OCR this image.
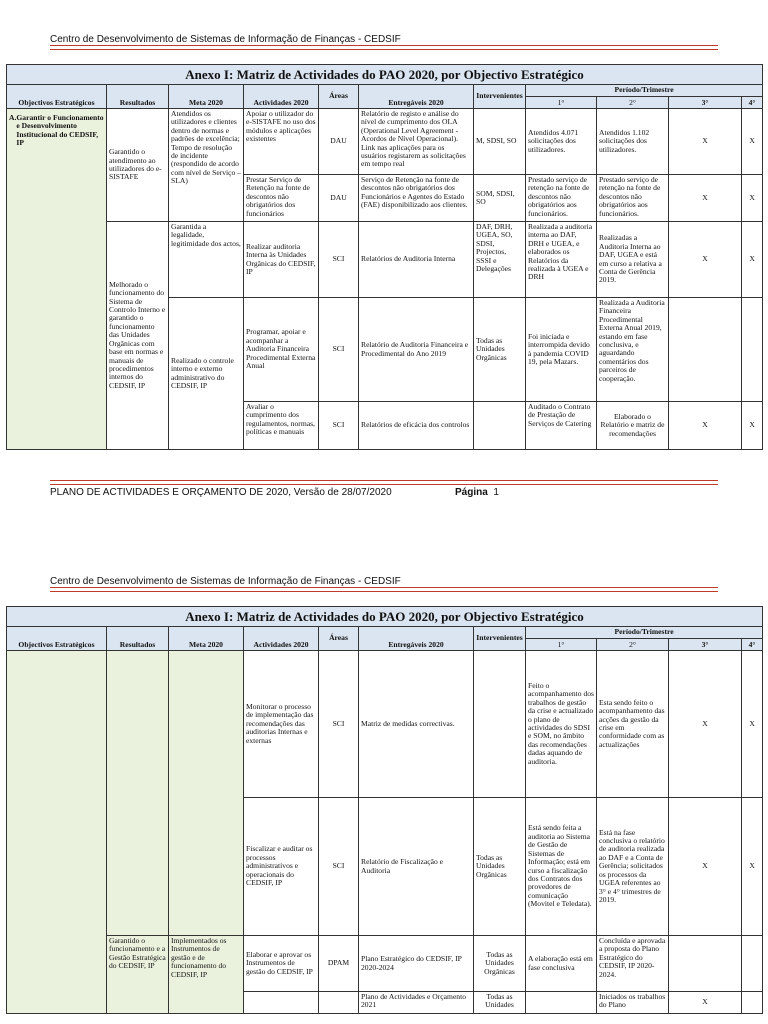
Centro de Desenvolvimento de Sistemas de Informação de Finanças - CEDSIF
Anexo I: Matriz de Actividades do PAO 2020, por Objectivo Estratégico										
Objectivos Estratégicos	Resultados	Meta 2020	Actividades 2020	Áreas	Entregáveis 2020	Intervenientes	Período/Trimestre			
							1°	2°	3°	4°

A. Garantir o Funcionamento e Desenvolvimento Institucional do CEDSIF, IP	Garantido o atendimento ao utilizadores do e-SISTAFE	Atendidos os utilizadores e clientes dentro de normas e padrões de excelência; Tempo de resolução de incidente (respondido de acordo com nível de Serviço – SLA)	Apoiar o utilizador do e-SISTAFE no uso dos módulos e aplicações existentes	DAU	Relatório de registo e análise do nível de cumprimento dos OLA (Operational Level Agreement - Acordos de Nível Operacional). Link nas aplicações para os usuários registarem as solicitações em tempo real	M, SDSI, SO	Atendidos 4.071 solicitações dos utilizadores.	Atendidos 1.102 solicitações dos utilizadores.	X	X
			Prestar Serviço de Retenção na fonte de descontos não obrigatórios dos funcionários	DAU	Serviço de Retenção na fonte de descontos não obrigatórios dos Funcionários e Agentes do Estado (FAE) disponibilizado aos clientes.	SOM, SDSI, SO	Prestado serviço de retenção na fonte de descontos não obrigatórios aos funcionários.	Prestado serviço de retenção na fonte de descontos não obrigatórios aos funcionários.	X	X
	Melhorado o funcionamento do Sistema de Controlo Interno e garantido o funcionamento das Unidades Orgânicas com base em normas e manuais de procedimentos internos do CEDSIF, IP	Garantida a legalidade, legitimidade dos actos,	Realizar auditoria Interna às Unidades Orgânicas do CEDSIF, IP	SCI	Relatórios de Auditoria Interna	DAF, DRH, UGEA, SO, SDSI, Projectos, SSSI e Delegações	Realizada a auditoria interna ao DAF, DRH e UGEA, e elaborados os Relatórios da realizada à UGEA e DRH	Realizadas a Auditoria Interna ao DAF, UGEA e está em curso a relativa a Conta de Gerência 2019.	X	X
		Realizado o controle interno e externo administrativo do CEDSIF, IP	Programar, apoiar e acompanhar a Auditoria Financeira Procedimental Externa Anual	SCI	Relatório de Auditoria Financeira e Procedimental do Ano 2019	Todas as Unidades Orgânicas	Foi iniciada e interrompida devido à pandemia COVID 19, pela Mazars.	Realizada a Auditoria Financeira Procedimental Externa Anual 2019, estando em fase conclusiva, e aguardando comentários dos parceiros de cooperação.		
			Avaliar o cumprimento dos regulamentos, normas, políticas e manuais	SCI	Relatórios de eficácia dos controlos		Auditado o Contrato de Prestação de Serviços de Catering	Elaborado o Relatório e matriz de recomendações	X	X
PLANO DE ACTIVIDADES E ORÇAMENTO DE 2020, Versão de 28/07/2020	Página 1
Centro de Desenvolvimento de Sistemas de Informação de Finanças - CEDSIF
Anexo I: Matriz de Actividades do PAO 2020, por Objectivo Estratégico										
Objectivos Estratégicos	Resultados	Meta 2020	Actividades 2020	Áreas	Entregáveis 2020	Intervenientes	Período/Trimestre			
							1°	2°	3°	4°
			Monitorar o processo de implementação das recomendações das auditorias Internas e externas	SCI	Matriz de medidas correctivas.		Feito o acompanhamento dos trabalhos de gestão da crise e actualizado o plano de actividades do SDSI e SOM, no âmbito das recomendações dadas aquando de auditoria.	Esta sendo feito o acompanhamento das acções da gestão da crise em conformidade com as actualizações	X	X
			Fiscalizar e auditar os processos administrativos e operacionais do CEDSIF, IP	SCI	Relatório de Fiscalização e Auditoria	Todas as Unidades Orgânicas	Está sendo feita a auditoria ao Sistema de Gestão de Sistemas de Informação; está em curso a fiscalização dos Contratos dos provedores de comunicação (Movitel e Teledata).	Está na fase conclusiva o relatório de auditoria realizada ao DAF e a Conta de Gerência; solicitados os processos da UGEA referentes ao 3° e 4° trimestres de 2019.	X	X
	Garantido o funcionamento e a Gestão Estratégica do CEDSIF, IP	Implementados os Instrumentos de gestão e de funcionamento do CEDSIF, IP	Elaborar e aprovar os Instrumentos de gestão do CEDSIF, IP	DPAM	Plano Estratégico do CEDSIF, IP 2020-2024	Todas as Unidades Orgânicas	A elaboração está em fase conclusiva	Concluída e aprovada a proposta do Plano Estratégico do CEDSIF, IP 2020-2024.		
					Plano de Actividades e Orçamento 2021	Todas as Unidades		Iniciados os trabalhos do Plano	X	
